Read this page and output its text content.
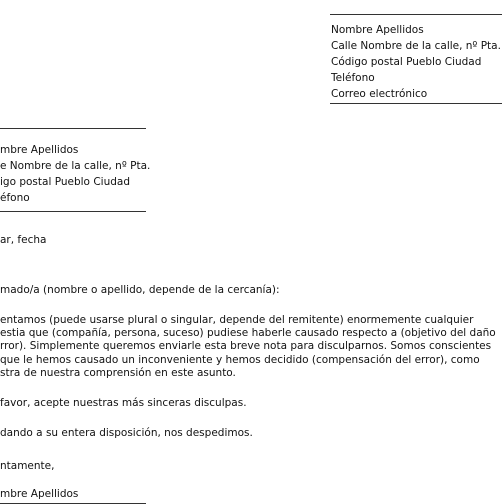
Nombre Apellidos
Calle Nombre de la calle, nº Pta.
Código postal Pueblo Ciudad
Teléfono
Correo electrónico
mbre Apellidos
e Nombre de la calle, nº Pta.
igo postal Pueblo Ciudad
éfono
ar, fecha
mado/a (nombre o apellido, depende de la cercanía):
entamos (puede usarse plural o singular, depende del remitente) enormemente cualquier
estia que (compañía, persona, suceso) pudiese haberle causado respecto a (objetivo del daño
rror). Simplemente queremos enviarle esta breve nota para disculparnos. Somos conscientes
que le hemos causado un inconveniente y hemos decidido (compensación del error), como
stra de nuestra comprensión en este asunto.
favor, acepte nuestras más sinceras disculpas.
dando a su entera disposición, nos despedimos.
ntamente,
mbre Apellidos
